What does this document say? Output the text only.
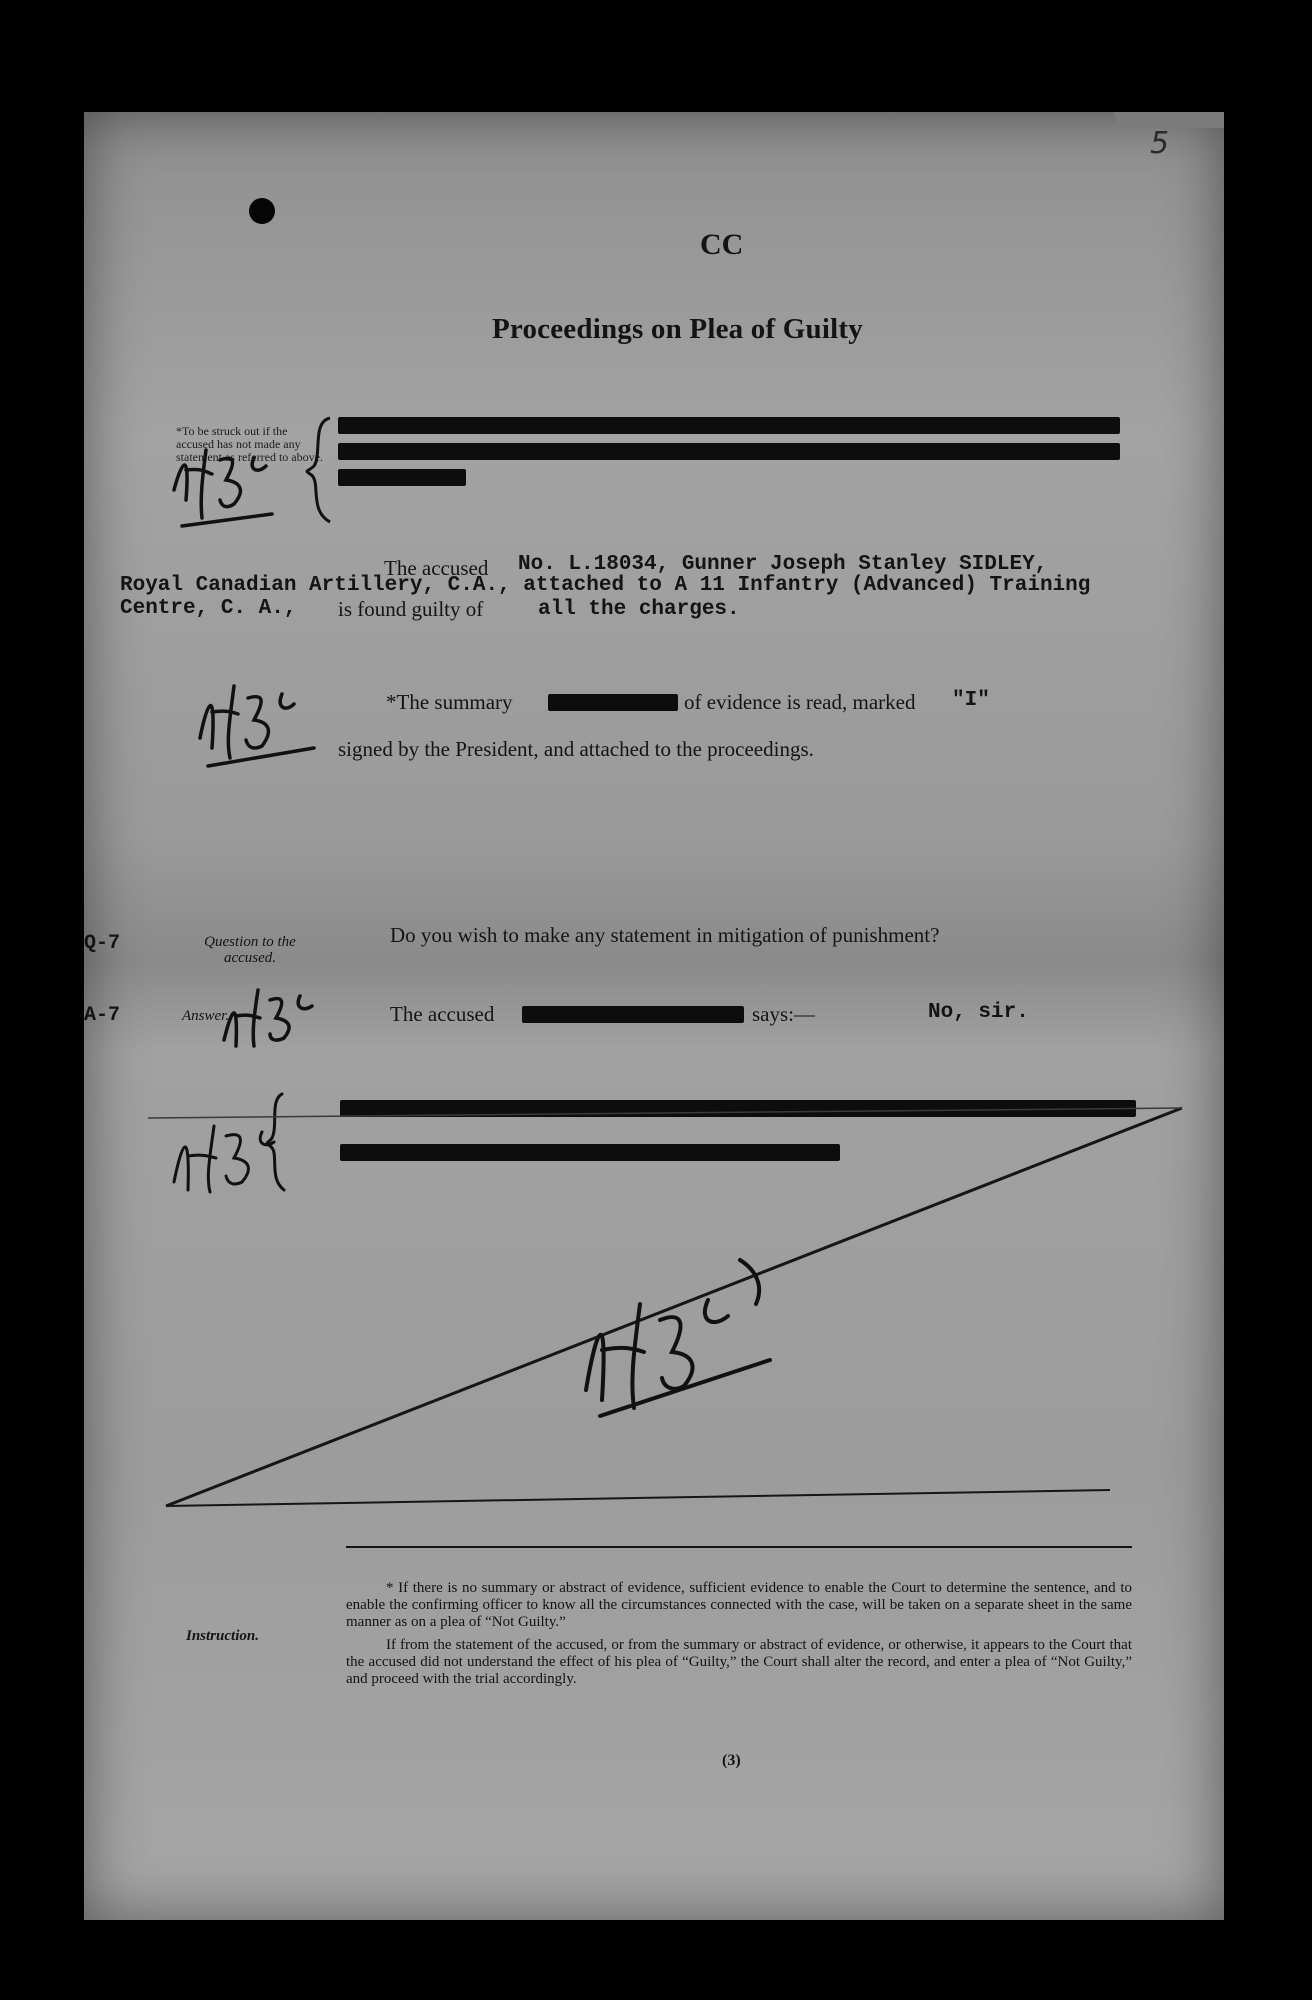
5
CC
Proceedings on Plea of Guilty
*To be struck out if the accused has not made any statement as referred to above.
The accused No. L.18034, Gunner Joseph Stanley SIDLEY,
Royal Canadian Artillery, C.A., attached to A 11 Infantry (Advanced) Training
Centre, C. A., is found guilty of	all the charges.
*The summary	of evidence is read, marked "I"
signed by the President, and attached to the proceedings.
Q-7	Question to the
accused.
Do you wish to make any statement in mitigation of punishment?
A-7	Answer.	The accused	says:—	No, sir.
Instruction.

* If there is no summary or abstract of evidence, sufficient evidence to enable the Court to determine the sentence, and to enable the confirming officer to know all the circumstances connected with the case, will be taken on a separate sheet in the same manner as on a plea of “Not Guilty.”

If from the statement of the accused, or from the summary or abstract of evidence, or otherwise, it appears to the Court that the accused did not understand the effect of his plea of “Guilty,” the Court shall alter the record, and enter a plea of “Not Guilty,” and proceed with the trial accordingly.

(3)
